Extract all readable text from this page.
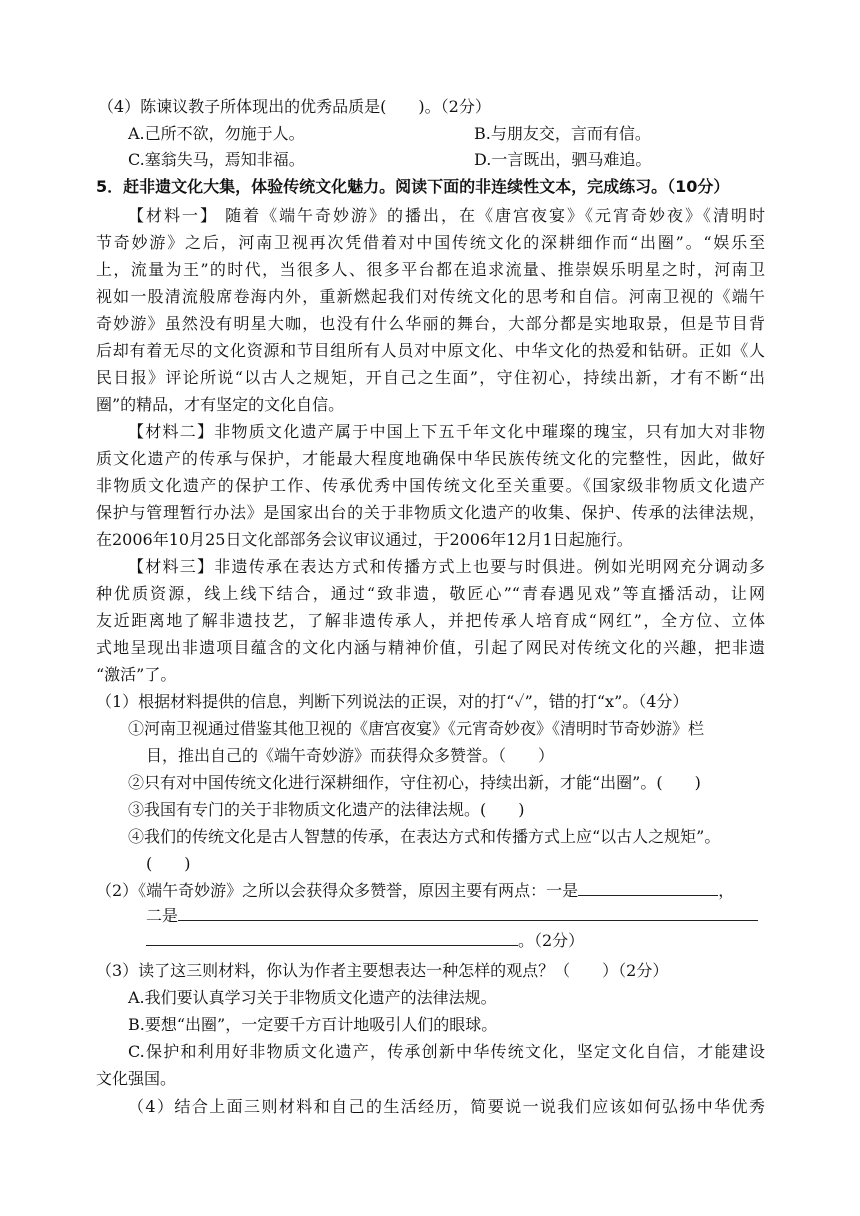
（4）陈谏议教子所体现出的优秀品质是(　　)。（2分）
A.己所不欲，勿施于人。	B.与朋友交，言而有信。
C.塞翁失马，焉知非福。	D.一言既出，驷马难追。
5．赶非遗文化大集，体验传统文化魅力。阅读下面的非连续性文本，完成练习。（10分）
【材料一】 随着《端午奇妙游》的播出，在《唐宫夜宴》《元宵奇妙夜》《清明时
节奇妙游》之后，河南卫视再次凭借着对中国传统文化的深耕细作而“出圈”。“娱乐至
上，流量为王”的时代，当很多人、很多平台都在追求流量、推崇娱乐明星之时，河南卫
视如一股清流般席卷海内外，重新燃起我们对传统文化的思考和自信。河南卫视的《端午
奇妙游》虽然没有明星大咖，也没有什么华丽的舞台，大部分都是实地取景，但是节目背
后却有着无尽的文化资源和节目组所有人员对中原文化、中华文化的热爱和钻研。正如《人
民日报》评论所说“以古人之规矩，开自己之生面”，守住初心，持续出新，才有不断“出
圈”的精品，才有坚定的文化自信。
【材料二】非物质文化遗产属于中国上下五千年文化中璀璨的瑰宝，只有加大对非物
质文化遗产的传承与保护，才能最大程度地确保中华民族传统文化的完整性，因此，做好
非物质文化遗产的保护工作、传承优秀中国传统文化至关重要。《国家级非物质文化遗产
保护与管理暂行办法》是国家出台的关于非物质文化遗产的收集、保护、传承的法律法规，
在2006年10月25日文化部部务会议审议通过，于2006年12月1日起施行。
【材料三】非遗传承在表达方式和传播方式上也要与时俱进。例如光明网充分调动多
种优质资源，线上线下结合，通过“致非遗，敬匠心”“青春遇见戏”等直播活动，让网
友近距离地了解非遗技艺，了解非遗传承人，并把传承人培育成“网红”，全方位、立体
式地呈现出非遗项目蕴含的文化内涵与精神价值，引起了网民对传统文化的兴趣，把非遗
“激活”了。
（1）根据材料提供的信息，判断下列说法的正误，对的打“✓”，错的打“x”。（4分）
①河南卫视通过借鉴其他卫视的《唐宫夜宴》《元宵奇妙夜》《清明时节奇妙游》栏
目，推出自己的《端午奇妙游》而获得众多赞誉。（　　）
②只有对中国传统文化进行深耕细作，守住初心，持续出新，才能“出圈”。(　　)
③我国有专门的关于非物质文化遗产的法律法规。(　　)
④我们的传统文化是古人智慧的传承，在表达方式和传播方式上应“以古人之规矩”。
(　　)
（2）《端午奇妙游》之所以会获得众多赞誉，原因主要有两点：一是	，
二是
。（2分）
（3）读了这三则材料，你认为作者主要想表达一种怎样的观点？（　　）（2分）
A.我们要认真学习关于非物质文化遗产的法律法规。
B.要想“出圈”，一定要千方百计地吸引人们的眼球。
C.保护和利用好非物质文化遗产，传承创新中华传统文化，坚定文化自信，才能建设
文化强国。
（4）结合上面三则材料和自己的生活经历，简要说一说我们应该如何弘扬中华优秀
